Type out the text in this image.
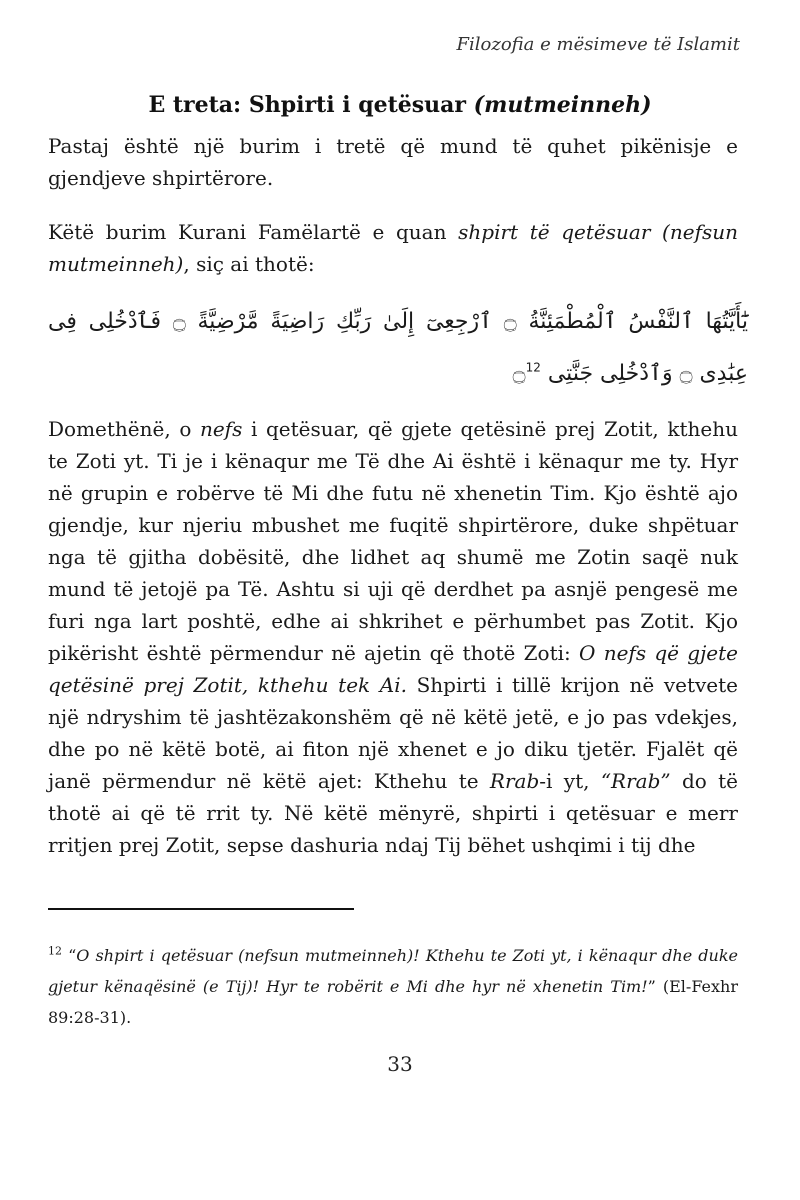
Filozofia e mësimeve të Islamit
E treta: Shpirti i qetësuar (mutmeinneh)

Pastaj është një burim i tretë që mund të quhet pikënisje e gjendjeve shpirtërore.

Këtë burim Kurani Famëlartë e quan shpirt të qetësuar (nefsun mutmeinneh), siç ai thotë:

يَٰٓأَيَّتُهَا ٱلنَّفْسُ ٱلْمُطْمَئِنَّةُ ۝ ٱرْجِعِىٓ إِلَىٰ رَبِّكِ رَاضِيَةً مَّرْضِيَّةً ۝ فَٱدْخُلِى فِى عِبَٰدِى ۝ وَٱدْخُلِى جَنَّتِى ۝$^{12}$

Domethënë, o nefs i qetësuar, që gjete qetësinë prej Zotit, kthehu te Zoti yt. Ti je i kënaqur me Të dhe Ai është i kënaqur me ty. Hyr në grupin e robërve të Mi dhe futu në xhenetin Tim. Kjo është ajo gjendje, kur njeriu mbushet me fuqitë shpirtërore, duke shpëtuar nga të gjitha dobësitë, dhe lidhet aq shumë me Zotin saqë nuk mund të jetojë pa Të. Ashtu si uji që derdhet pa asnjë pengesë me furi nga lart poshtë, edhe ai shkrihet e përhumbet pas Zotit. Kjo pikërisht është përmendur në ajetin që thotë Zoti: O nefs që gjete qetësinë prej Zotit, kthehu tek Ai. Shpirti i tillë krijon në vetvete një ndryshim të jashtëzakonshëm që në këtë jetë, e jo pas vdekjes, dhe po në këtë botë, ai fiton një xhenet e jo diku tjetër. Fjalët që janë përmendur në këtë ajet: Kthehu te Rrab-i yt, “Rrab” do të thotë ai që të rrit ty. Në këtë mënyrë, shpirti i qetësuar e merr rritjen prej Zotit, sepse dashuria ndaj Tij bëhet ushqimi i tij dhe

$^{12}$ “O shpirt i qetësuar (nefsun mutmeinneh)! Kthehu te Zoti yt, i kënaqur dhe duke gjetur kënaqësinë (e Tij)! Hyr te robërit e Mi dhe hyr në xhenetin Tim!” (El-Fexhr 89:28-31).

33
